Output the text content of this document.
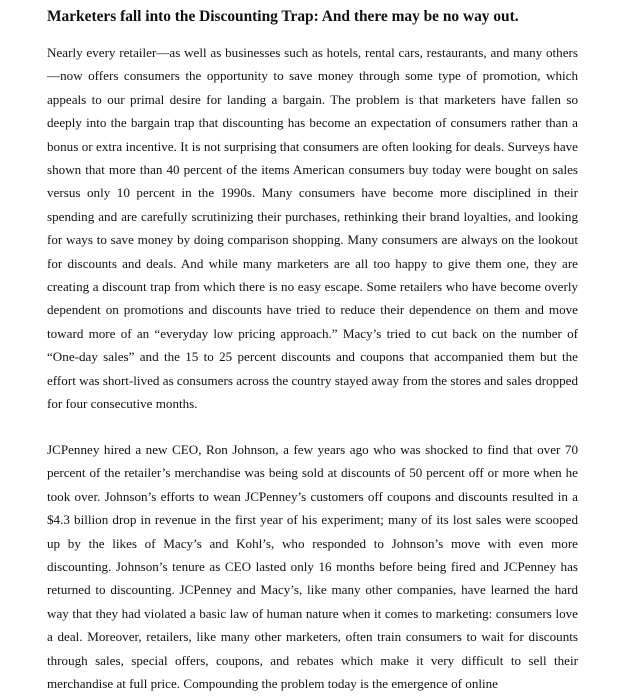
Marketers fall into the Discounting Trap: And there may be no way out.

Nearly every retailer—as well as businesses such as hotels, rental cars, restaurants, and many others—now offers consumers the opportunity to save money through some type of promotion, which appeals to our primal desire for landing a bargain. The problem is that marketers have fallen so deeply into the bargain trap that discounting has become an expectation of consumers rather than a bonus or extra incentive. It is not surprising that consumers are often looking for deals. Surveys have shown that more than 40 percent of the items American consumers buy today were bought on sales versus only 10 percent in the 1990s. Many consumers have become more disciplined in their spending and are carefully scrutinizing their purchases, rethinking their brand loyalties, and looking for ways to save money by doing comparison shopping. Many consumers are always on the lookout for discounts and deals. And while many marketers are all too happy to give them one, they are creating a discount trap from which there is no easy escape. Some retailers who have become overly dependent on promotions and discounts have tried to reduce their dependence on them and move toward more of an “everyday low pricing approach.” Macy’s tried to cut back on the number of “One-day sales” and the 15 to 25 percent discounts and coupons that accompanied them but the effort was short-lived as consumers across the country stayed away from the stores and sales dropped for four consecutive months.

JCPenney hired a new CEO, Ron Johnson, a few years ago who was shocked to find that over 70 percent of the retailer’s merchandise was being sold at discounts of 50 percent off or more when he took over. Johnson’s efforts to wean JCPenney’s customers off coupons and discounts resulted in a $4.3 billion drop in revenue in the first year of his experiment; many of its lost sales were scooped up by the likes of Macy’s and Kohl’s, who responded to Johnson’s move with even more discounting. Johnson’s tenure as CEO lasted only 16 months before being fired and JCPenney has returned to discounting. JCPenney and Macy’s, like many other companies, have learned the hard way that they had violated a basic law of human nature when it comes to marketing: consumers love a deal. Moreover, retailers, like many other marketers, often train consumers to wait for discounts through sales, special offers, coupons, and rebates which make it very difficult to sell their merchandise at full price. Compounding the problem today is the emergence of online
